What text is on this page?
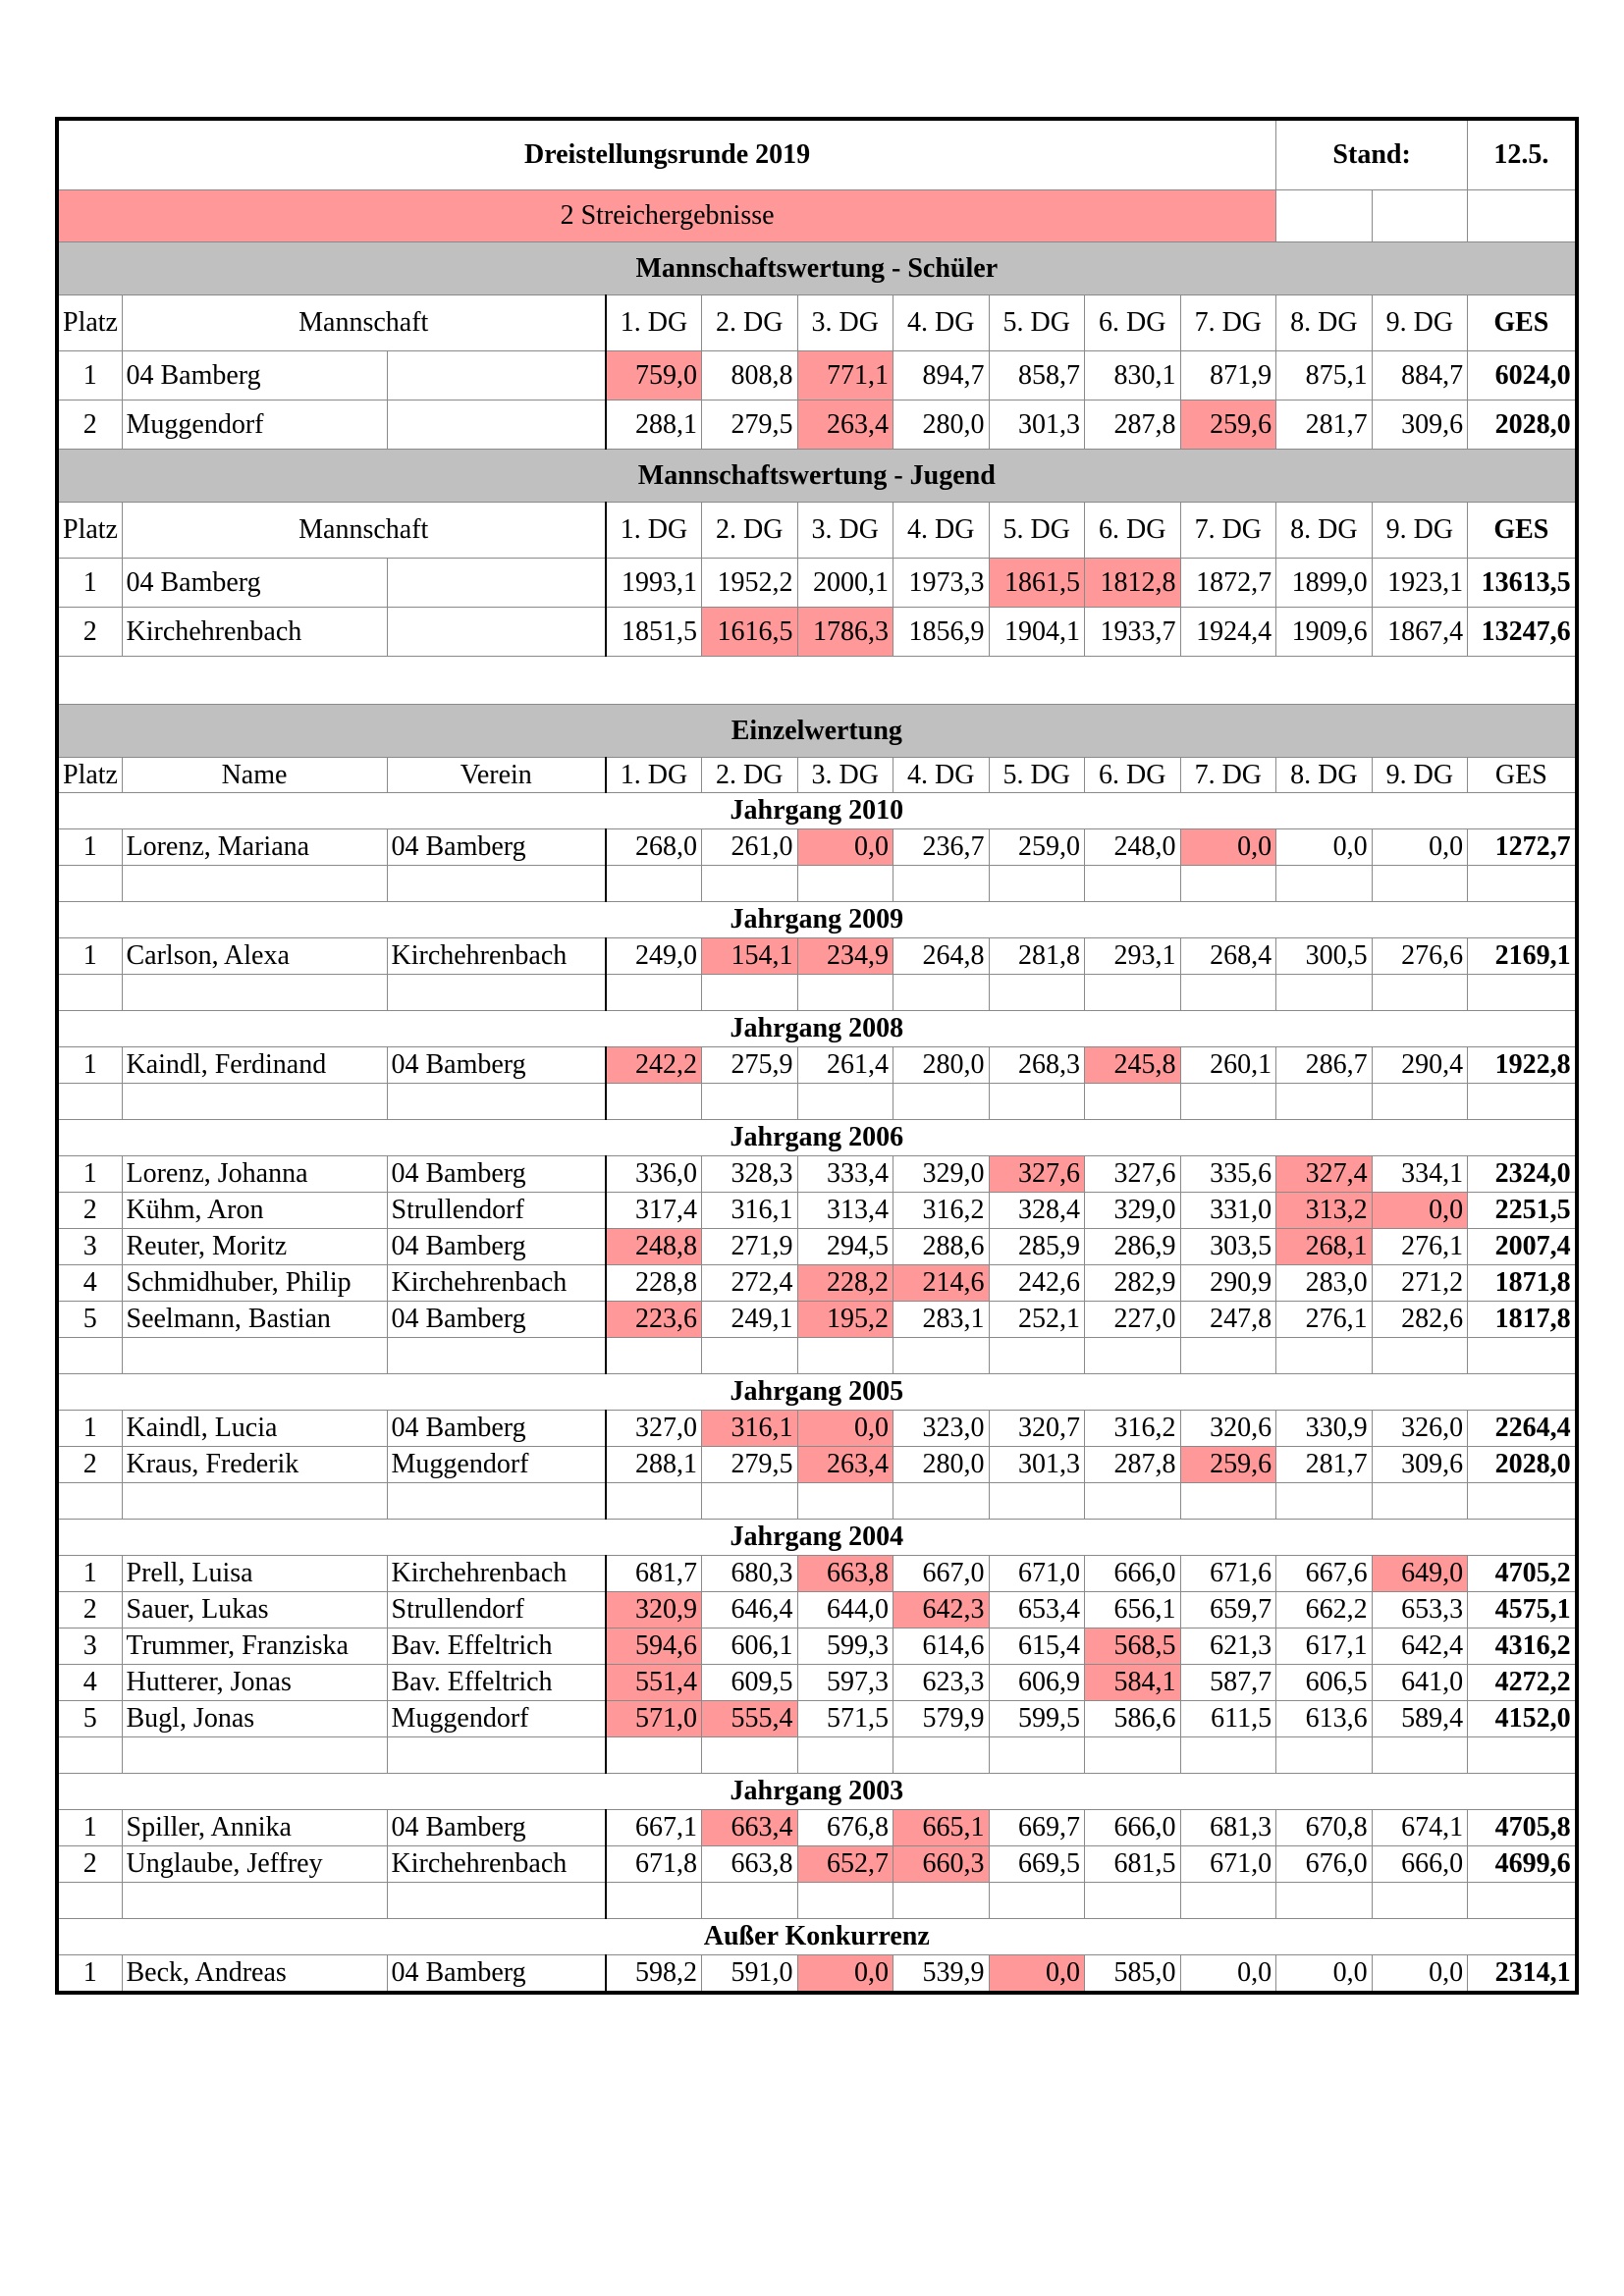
Dreistellungsrunde 2019										Stand:		12.5.
2 Streichergebnisse												
Mannschaftswertung - Schüler												
Platz	Mannschaft		1. DG	2. DG	3. DG	4. DG	5. DG	6. DG	7. DG	8. DG	9. DG	GES
1	04 Bamberg		759,0	808,8	771,1	894,7	858,7	830,1	871,9	875,1	884,7	6024,0
2	Muggendorf		288,1	279,5	263,4	280,0	301,3	287,8	259,6	281,7	309,6	2028,0
Mannschaftswertung - Jugend												
Platz	Mannschaft		1. DG	2. DG	3. DG	4. DG	5. DG	6. DG	7. DG	8. DG	9. DG	GES
1	04 Bamberg		1993,1	1952,2	2000,1	1973,3	1861,5	1812,8	1872,7	1899,0	1923,1	13613,5
2	Kirchehrenbach		1851,5	1616,5	1786,3	1856,9	1904,1	1933,7	1924,4	1909,6	1867,4	13247,6

Einzelwertung												
Platz	Name	Verein	1. DG	2. DG	3. DG	4. DG	5. DG	6. DG	7. DG	8. DG	9. DG	GES
Jahrgang 2010												
1	Lorenz, Mariana	04 Bamberg	268,0	261,0	0,0	236,7	259,0	248,0	0,0	0,0	0,0	1272,7

Jahrgang 2009												
1	Carlson, Alexa	Kirchehrenbach	249,0	154,1	234,9	264,8	281,8	293,1	268,4	300,5	276,6	2169,1

Jahrgang 2008												
1	Kaindl, Ferdinand	04 Bamberg	242,2	275,9	261,4	280,0	268,3	245,8	260,1	286,7	290,4	1922,8

Jahrgang 2006												
1	Lorenz, Johanna	04 Bamberg	336,0	328,3	333,4	329,0	327,6	327,6	335,6	327,4	334,1	2324,0
2	Kühm, Aron	Strullendorf	317,4	316,1	313,4	316,2	328,4	329,0	331,0	313,2	0,0	2251,5
3	Reuter, Moritz	04 Bamberg	248,8	271,9	294,5	288,6	285,9	286,9	303,5	268,1	276,1	2007,4
4	Schmidhuber, Philip	Kirchehrenbach	228,8	272,4	228,2	214,6	242,6	282,9	290,9	283,0	271,2	1871,8
5	Seelmann, Bastian	04 Bamberg	223,6	249,1	195,2	283,1	252,1	227,0	247,8	276,1	282,6	1817,8

Jahrgang 2005												
1	Kaindl, Lucia	04 Bamberg	327,0	316,1	0,0	323,0	320,7	316,2	320,6	330,9	326,0	2264,4
2	Kraus, Frederik	Muggendorf	288,1	279,5	263,4	280,0	301,3	287,8	259,6	281,7	309,6	2028,0

Jahrgang 2004												
1	Prell, Luisa	Kirchehrenbach	681,7	680,3	663,8	667,0	671,0	666,0	671,6	667,6	649,0	4705,2
2	Sauer, Lukas	Strullendorf	320,9	646,4	644,0	642,3	653,4	656,1	659,7	662,2	653,3	4575,1
3	Trummer, Franziska	Bav. Effeltrich	594,6	606,1	599,3	614,6	615,4	568,5	621,3	617,1	642,4	4316,2
4	Hutterer, Jonas	Bav. Effeltrich	551,4	609,5	597,3	623,3	606,9	584,1	587,7	606,5	641,0	4272,2
5	Bugl, Jonas	Muggendorf	571,0	555,4	571,5	579,9	599,5	586,6	611,5	613,6	589,4	4152,0

Jahrgang 2003												
1	Spiller, Annika	04 Bamberg	667,1	663,4	676,8	665,1	669,7	666,0	681,3	670,8	674,1	4705,8
2	Unglaube, Jeffrey	Kirchehrenbach	671,8	663,8	652,7	660,3	669,5	681,5	671,0	676,0	666,0	4699,6

Außer Konkurrenz												
1	Beck, Andreas	04 Bamberg	598,2	591,0	0,0	539,9	0,0	585,0	0,0	0,0	0,0	2314,1
